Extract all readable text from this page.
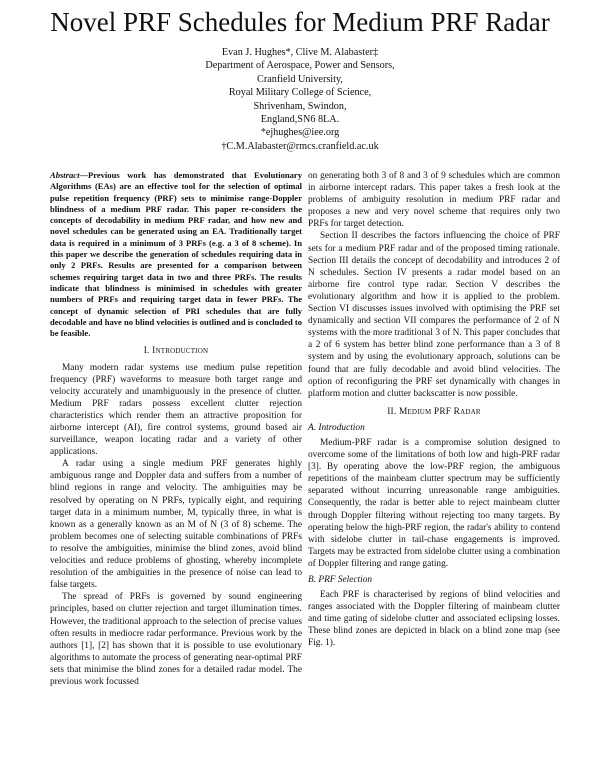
Novel PRF Schedules for Medium PRF Radar
Evan J. Hughes*, Clive M. Alabaster‡
Department of Aerospace, Power and Sensors,
Cranfield University,
Royal Military College of Science,
Shrivenham, Swindon,
England,SN6 8LA.
*ejhughes@iee.org
†C.M.Alabaster@rmcs.cranfield.ac.uk

Abstract—Previous work has demonstrated that Evolutionary Algorithms (EAs) are an effective tool for the selection of optimal pulse repetition frequency (PRF) sets to minimise range-Doppler blindness of a medium PRF radar. This paper re-considers the concepts of decodability in medium PRF radar, and how new and novel schedules can be generated using an EA. Traditionally target data is required in a minimum of 3 PRFs (e.g. a 3 of 8 scheme). In this paper we describe the generation of schedules requiring data in only 2 PRFs. Results are presented for a comparison between schemes requiring target data in two and three PRFs. The results indicate that blindness is minimised in schedules with greater numbers of PRFs and requiring target data in fewer PRFs. The concept of dynamic selection of PRI schedules that are fully decodable and have no blind velocities is outlined and is concluded to be feasible.

I. Introduction

Many modern radar systems use medium pulse repetition frequency (PRF) waveforms to measure both target range and velocity accurately and unambiguously in the presence of clutter. Medium PRF radars possess excellent clutter rejection characteristics which render them an attractive proposition for airborne intercept (AI), fire control systems, ground based air surveillance, weapon locating radar and a variety of other applications.

A radar using a single medium PRF generates highly ambiguous range and Doppler data and suffers from a number of blind regions in range and velocity. The ambiguities may be resolved by operating on N PRFs, typically eight, and requiring target data in a minimum number, M, typically three, in what is known as a generally known as an M of N (3 of 8) scheme. The problem becomes one of selecting suitable combinations of PRFs to resolve the ambiguities, minimise the blind zones, avoid blind velocities and reduce problems of ghosting, whereby incomplete resolution of the ambiguities in the presence of noise can lead to false targets.

The spread of PRFs is governed by sound engineering principles, based on clutter rejection and target illumination times. However, the traditional approach to the selection of precise values often results in mediocre radar performance. Previous work by the authors [1], [2] has shown that it is possible to use evolutionary algorithms to automate the process of generating near-optimal PRF sets that minimise the blind zones for a detailed radar model. The previous work focussed

on generating both 3 of 8 and 3 of 9 schedules which are common in airborne intercept radars. This paper takes a fresh look at the problems of ambiguity resolution in medium PRF radar and proposes a new and very novel scheme that requires only two PRFs for target detection.

Section II describes the factors influencing the choice of PRF sets for a medium PRF radar and of the proposed timing rationale. Section III details the concept of decodability and introduces 2 of N schedules. Section IV presents a radar model based on an airborne fire control type radar. Section V describes the evolutionary algorithm and how it is applied to the problem. Section VI discusses issues involved with optimising the PRF set dynamically and section VII compares the performance of 2 of N systems with the more traditional 3 of N. This paper concludes that a 2 of 6 system has better blind zone performance than a 3 of 8 system and by using the evolutionary approach, solutions can be found that are fully decodable and avoid blind velocities. The option of reconfiguring the PRF set dynamically with changes in platform motion and clutter backscatter is now possible.

II. Medium PRF Radar
A. Introduction

Medium-PRF radar is a compromise solution designed to overcome some of the limitations of both low and high-PRF radar [3]. By operating above the low-PRF region, the ambiguous repetitions of the mainbeam clutter spectrum may be sufficiently separated without incurring unreasonable range ambiguities. Consequently, the radar is better able to reject mainbeam clutter through Doppler filtering without rejecting too many targets. By operating below the high-PRF region, the radar's ability to contend with sidelobe clutter in tail-chase engagements is improved. Targets may be extracted from sidelobe clutter using a combination of Doppler filtering and range gating.

B. PRF Selection

Each PRF is characterised by regions of blind velocities and ranges associated with the Doppler filtering of mainbeam clutter and time gating of sidelobe clutter and associated eclipsing losses. These blind zones are depicted in black on a blind zone map (see Fig. 1).
